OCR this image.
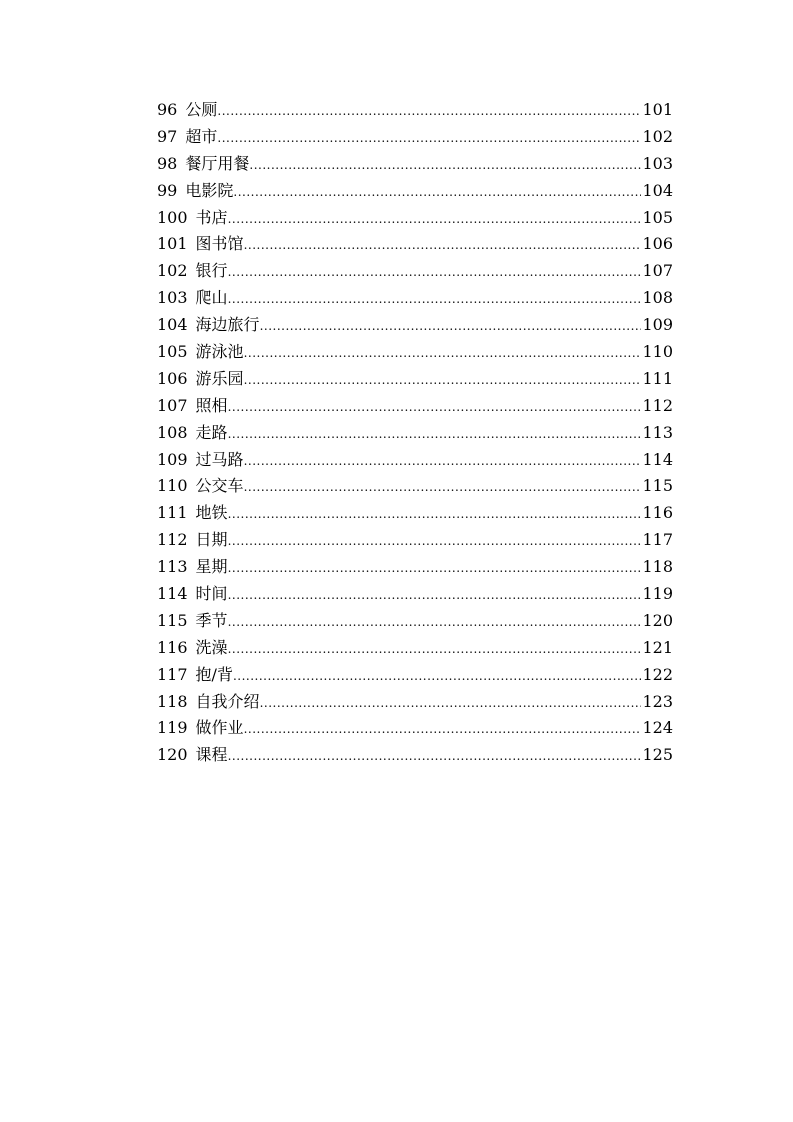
96 公厕 .....	101
97 超市 .....	102
98 餐厅用餐 .....	103
99 电影院 .....	104
100 书店 .....	105
101 图书馆 .....	106
102 银行 .....	107
103 爬山 .....	108
104 海边旅行 .....	109
105 游泳池 .....	110
106 游乐园 .....	111
107 照相 .....	112
108 走路 .....	113
109 过马路 .....	114
110 公交车 .....	115
111 地铁 .....	116
112 日期 .....	117
113 星期 .....	118
114 时间 .....	119
115 季节 .....	120
116 洗澡 .....	121
117 抱/背 .....	122
118 自我介绍 .....	123
119 做作业 .....	124
120 课程 .....	125
